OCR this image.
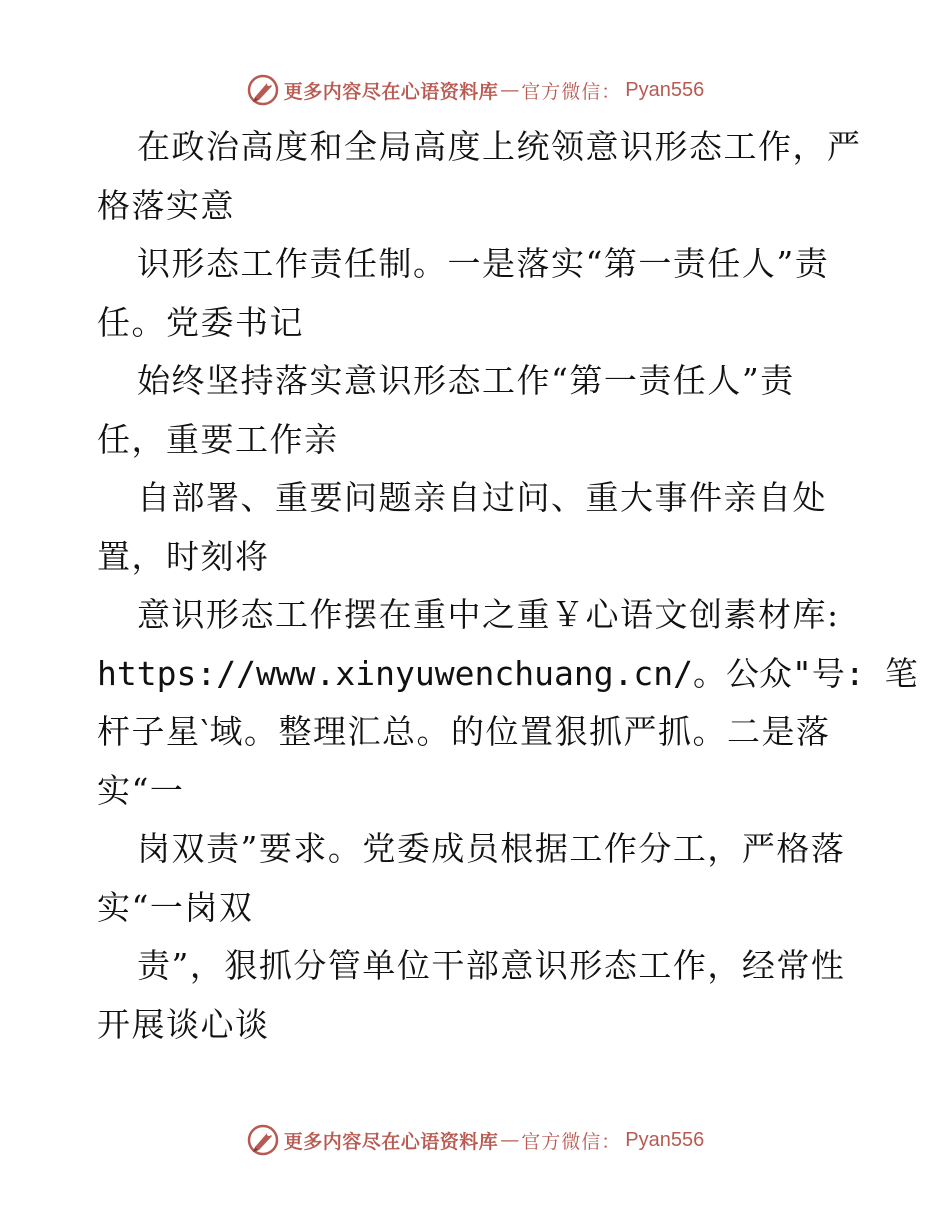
更多内容尽在心语资料库 — 官方微信： Pyan556
在政治高度和全局高度上统领意识形态工作，严
格落实意
识形态工作责任制。一是落实“第一责任人”责
任。党委书记
始终坚持落实意识形态工作“第一责任人”责
任，重要工作亲
自部署、重要问题亲自过问、重大事件亲自处
置，时刻将
意识形态工作摆在重中之重￥心语文创素材库:
https://www.xinyuwenchuang.cn/。公众"号: 笔
杆子星‵域。整理汇总。的位置狠抓严抓。二是落
实“一
岗双责”要求。党委成员根据工作分工，严格落
实“一岗双
责”，狠抓分管单位干部意识形态工作，经常性
开展谈心谈
更多内容尽在心语资料库 — 官方微信： Pyan556
